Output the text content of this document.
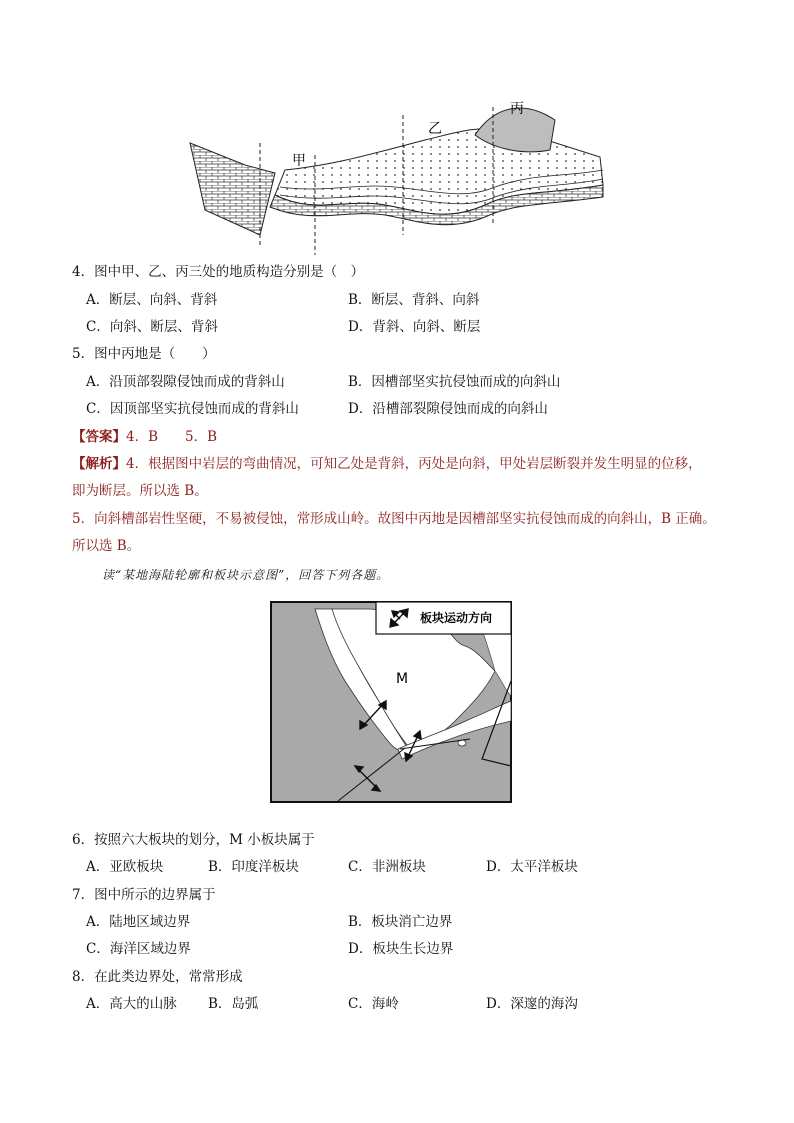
甲
乙
丙
4．图中甲、乙、丙三处的地质构造分别是（　）
A．断层、向斜、背斜	B．断层、背斜、向斜
C．向斜、断层、背斜	D．背斜、向斜、断层
5．图中丙地是（　　）
A．沿顶部裂隙侵蚀而成的背斜山	B．因槽部坚实抗侵蚀而成的向斜山
C．因顶部坚实抗侵蚀而成的背斜山	D．沿槽部裂隙侵蚀而成的向斜山
【答案】4．B　　5．B
【解析】4．根据图中岩层的弯曲情况，可知乙处是背斜，丙处是向斜，甲处岩层断裂并发生明显的位移，
即为断层。所以选 B。
5．向斜槽部岩性坚硬，不易被侵蚀，常形成山岭。故图中丙地是因槽部坚实抗侵蚀而成的向斜山，B 正确。
所以选 B。
读“某地海陆轮廓和板块示意图”，回答下列各题。
板块运动方向
M
6．按照六大板块的划分，M 小板块属于
A．亚欧板块	B．印度洋板块	C．非洲板块	D．太平洋板块
7．图中所示的边界属于
A．陆地区域边界	B．板块消亡边界
C．海洋区域边界	D．板块生长边界
8．在此类边界处，常常形成
A．高大的山脉 B．岛弧	C．海岭	D．深邃的海沟
